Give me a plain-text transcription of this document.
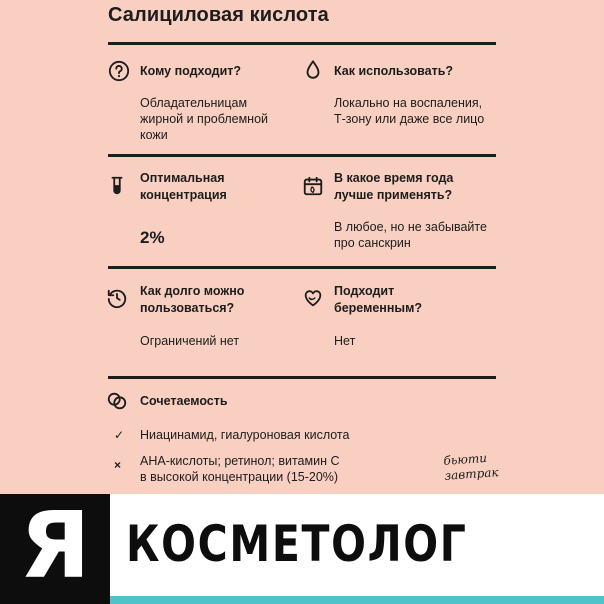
Салициловая кислота
Кому подходит?
Обладательницам
жирной и проблемной
кожи
Как использовать?
Локально на воспаления,
Т-зону или даже все лицо
Оптимальная
концентрация
2%
В какое время года
лучше применять?
В любое, но не забывайте
про санскрин
Как долго можно
пользоваться?
Ограничений нет
Подходит
беременным?
Нет
Сочетаемость
✓ Ниацинамид, гиалуроновая кислота
× АНА-кислоты; ретинол; витамин С
в высокой концентрации (15-20%)
бьюти
завтрак
Я КОСМЕТОЛОГ
